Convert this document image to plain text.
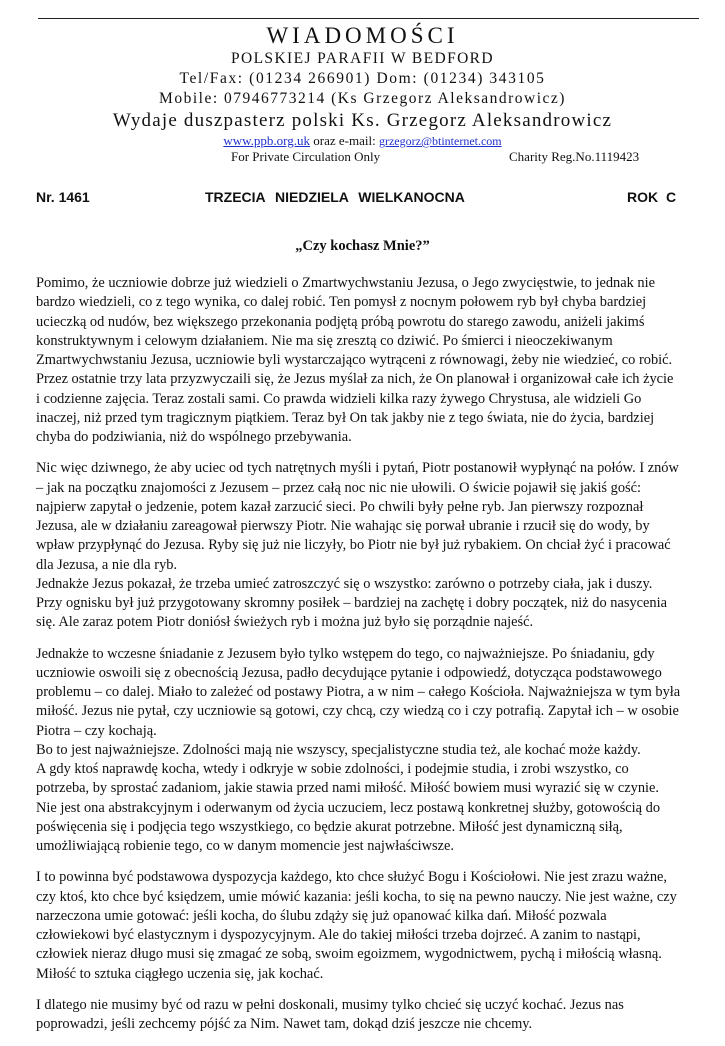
WIADOMOŚCI
POLSKIEJ PARAFII W BEDFORD
Tel/Fax: (01234 266901) Dom: (01234) 343105
Mobile: 07946773214 (Ks Grzegorz Aleksandrowicz)
Wydaje duszpasterz polski Ks. Grzegorz Aleksandrowicz
www.ppb.org.uk oraz e-mail: grzegorz@btinternet.com
For Private Circulation Only	Charity Reg.No.1119423
Nr. 1461	TRZECIA NIEDZIELA WIELKANOCNA	ROK C
„Czy kochasz Mnie?”

Pomimo, że uczniowie dobrze już wiedzieli o Zmartwychwstaniu Jezusa, o Jego zwycięstwie, to jednak nie
bardzo wiedzieli, co z tego wynika, co dalej robić. Ten pomysł z nocnym połowem ryb był chyba bardziej
ucieczką od nudów, bez większego przekonania podjętą próbą powrotu do starego zawodu, aniżeli jakimś
konstruktywnym i celowym działaniem. Nie ma się zresztą co dziwić. Po śmierci i nieoczekiwanym
Zmartwychwstaniu Jezusa, uczniowie byli wystarczająco wytrąceni z równowagi, żeby nie wiedzieć, co robić.
Przez ostatnie trzy lata przyzwyczaili się, że Jezus myślał za nich, że On planował i organizował całe ich życie
i codzienne zajęcia. Teraz zostali sami. Co prawda widzieli kilka razy żywego Chrystusa, ale widzieli Go
inaczej, niż przed tym tragicznym piątkiem. Teraz był On tak jakby nie z tego świata, nie do życia, bardziej
chyba do podziwiania, niż do wspólnego przebywania.

Nic więc dziwnego, że aby uciec od tych natrętnych myśli i pytań, Piotr postanowił wypłynąć na połów. I znów
– jak na początku znajomości z Jezusem – przez całą noc nic nie ułowili. O świcie pojawił się jakiś gość:
najpierw zapytał o jedzenie, potem kazał zarzucić sieci. Po chwili były pełne ryb. Jan pierwszy rozpoznał
Jezusa, ale w działaniu zareagował pierwszy Piotr. Nie wahając się porwał ubranie i rzucił się do wody, by
wpław przypłynąć do Jezusa. Ryby się już nie liczyły, bo Piotr nie był już rybakiem. On chciał żyć i pracować
dla Jezusa, a nie dla ryb.
Jednakże Jezus pokazał, że trzeba umieć zatroszczyć się o wszystko: zarówno o potrzeby ciała, jak i duszy.
Przy ognisku był już przygotowany skromny posiłek – bardziej na zachętę i dobry początek, niż do nasycenia
się. Ale zaraz potem Piotr doniósł świeżych ryb i można już było się porządnie najeść.

Jednakże to wczesne śniadanie z Jezusem było tylko wstępem do tego, co najważniejsze. Po śniadaniu, gdy
uczniowie oswoili się z obecnością Jezusa, padło decydujące pytanie i odpowiedź, dotycząca podstawowego
problemu – co dalej. Miało to zależeć od postawy Piotra, a w nim – całego Kościoła. Najważniejsza w tym była
miłość. Jezus nie pytał, czy uczniowie są gotowi, czy chcą, czy wiedzą co i czy potrafią. Zapytał ich – w osobie
Piotra – czy kochają.
Bo to jest najważniejsze. Zdolności mają nie wszyscy, specjalistyczne studia też, ale kochać może każdy.
A gdy ktoś naprawdę kocha, wtedy i odkryje w sobie zdolności, i podejmie studia, i zrobi wszystko, co
potrzeba, by sprostać zadaniom, jakie stawia przed nami miłość. Miłość bowiem musi wyrazić się w czynie.
Nie jest ona abstrakcyjnym i oderwanym od życia uczuciem, lecz postawą konkretnej służby, gotowością do
poświęcenia się i podjęcia tego wszystkiego, co będzie akurat potrzebne. Miłość jest dynamiczną siłą,
umożliwiającą robienie tego, co w danym momencie jest najwłaściwsze.

I to powinna być podstawowa dyspozycja każdego, kto chce służyć Bogu i Kościołowi. Nie jest zrazu ważne,
czy ktoś, kto chce być księdzem, umie mówić kazania: jeśli kocha, to się na pewno nauczy. Nie jest ważne, czy
narzeczona umie gotować: jeśli kocha, do ślubu zdąży się już opanować kilka dań. Miłość pozwala
człowiekowi być elastycznym i dyspozycyjnym. Ale do takiej miłości trzeba dojrzeć. A zanim to nastąpi,
człowiek nieraz długo musi się zmagać ze sobą, swoim egoizmem, wygodnictwem, pychą i miłością własną.
Miłość to sztuka ciągłego uczenia się, jak kochać.

I dlatego nie musimy być od razu w pełni doskonali, musimy tylko chcieć się uczyć kochać. Jezus nas
poprowadzi, jeśli zechcemy pójść za Nim. Nawet tam, dokąd dziś jeszcze nie chcemy.
